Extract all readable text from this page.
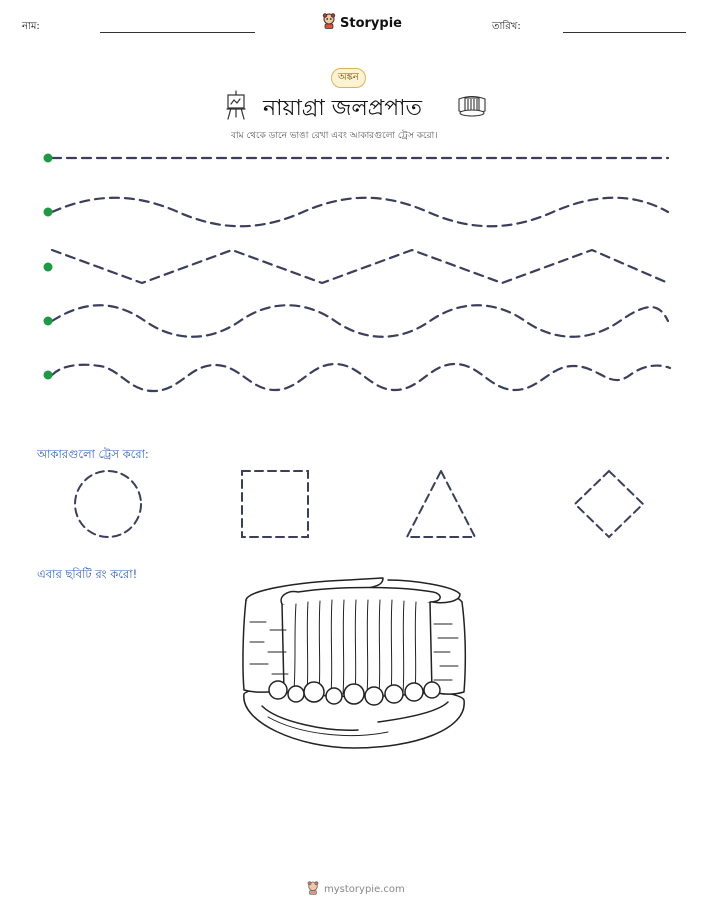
নাম:	Storypie	তারিখ:
অঙ্কন
নায়াগ্রা জলপ্রপাত
বাম থেকে ডানে ভাঙা রেখা এবং আকারগুলো ট্রেস করো।
আকারগুলো ট্রেস করো:
এবার ছবিটি রং করো!
mystorypie.com
